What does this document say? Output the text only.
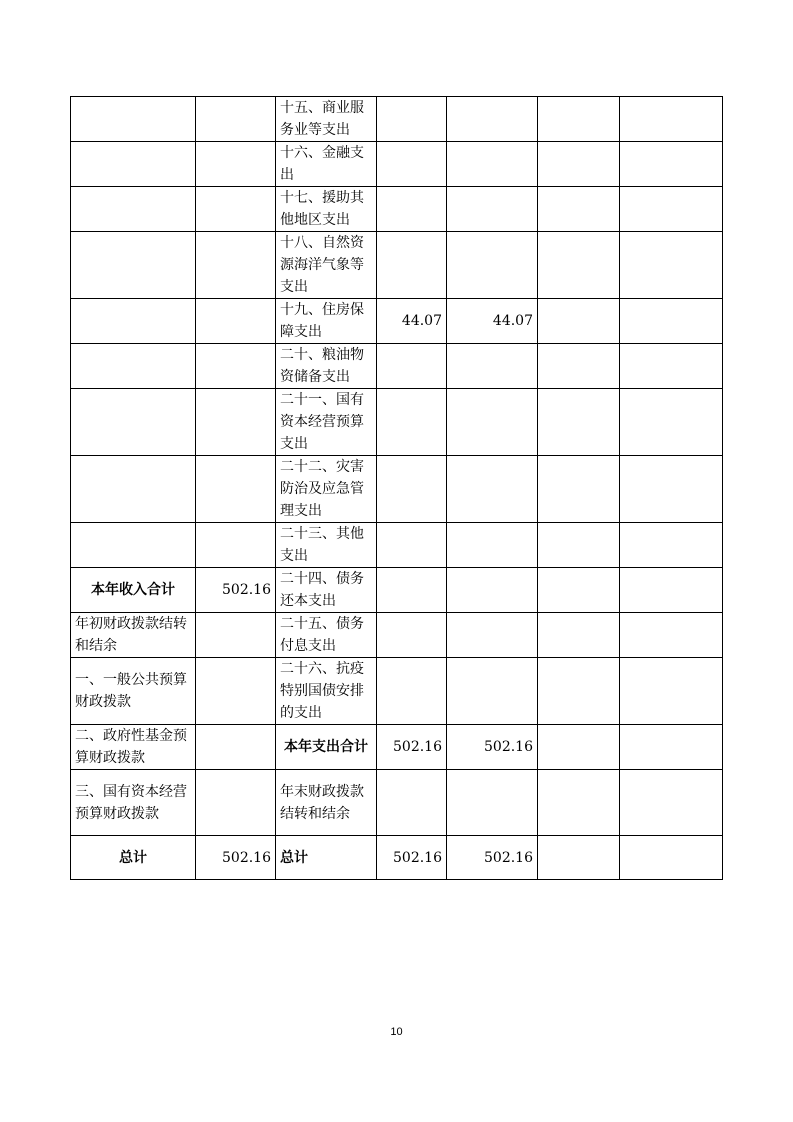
		十五、商业服务业等支出				
		十六、金融支出				
		十七、援助其他地区支出				
		十八、自然资源海洋气象等支出				
		十九、住房保障支出	44.07	44.07		
		二十、粮油物资储备支出				
		二十一、国有资本经营预算支出				
		二十二、灾害防治及应急管理支出				
		二十三、其他支出				
本年收入合计	502.16	二十四、债务还本支出				
年初财政拨款结转和结余		二十五、债务付息支出				
一、一般公共预算财政拨款		二十六、抗疫特别国债安排的支出				
二、政府性基金预算财政拨款		本年支出合计	502.16	502.16		
三、国有资本经营预算财政拨款		年末财政拨款结转和结余				
总计	502.16	总计	502.16	502.16		
10
